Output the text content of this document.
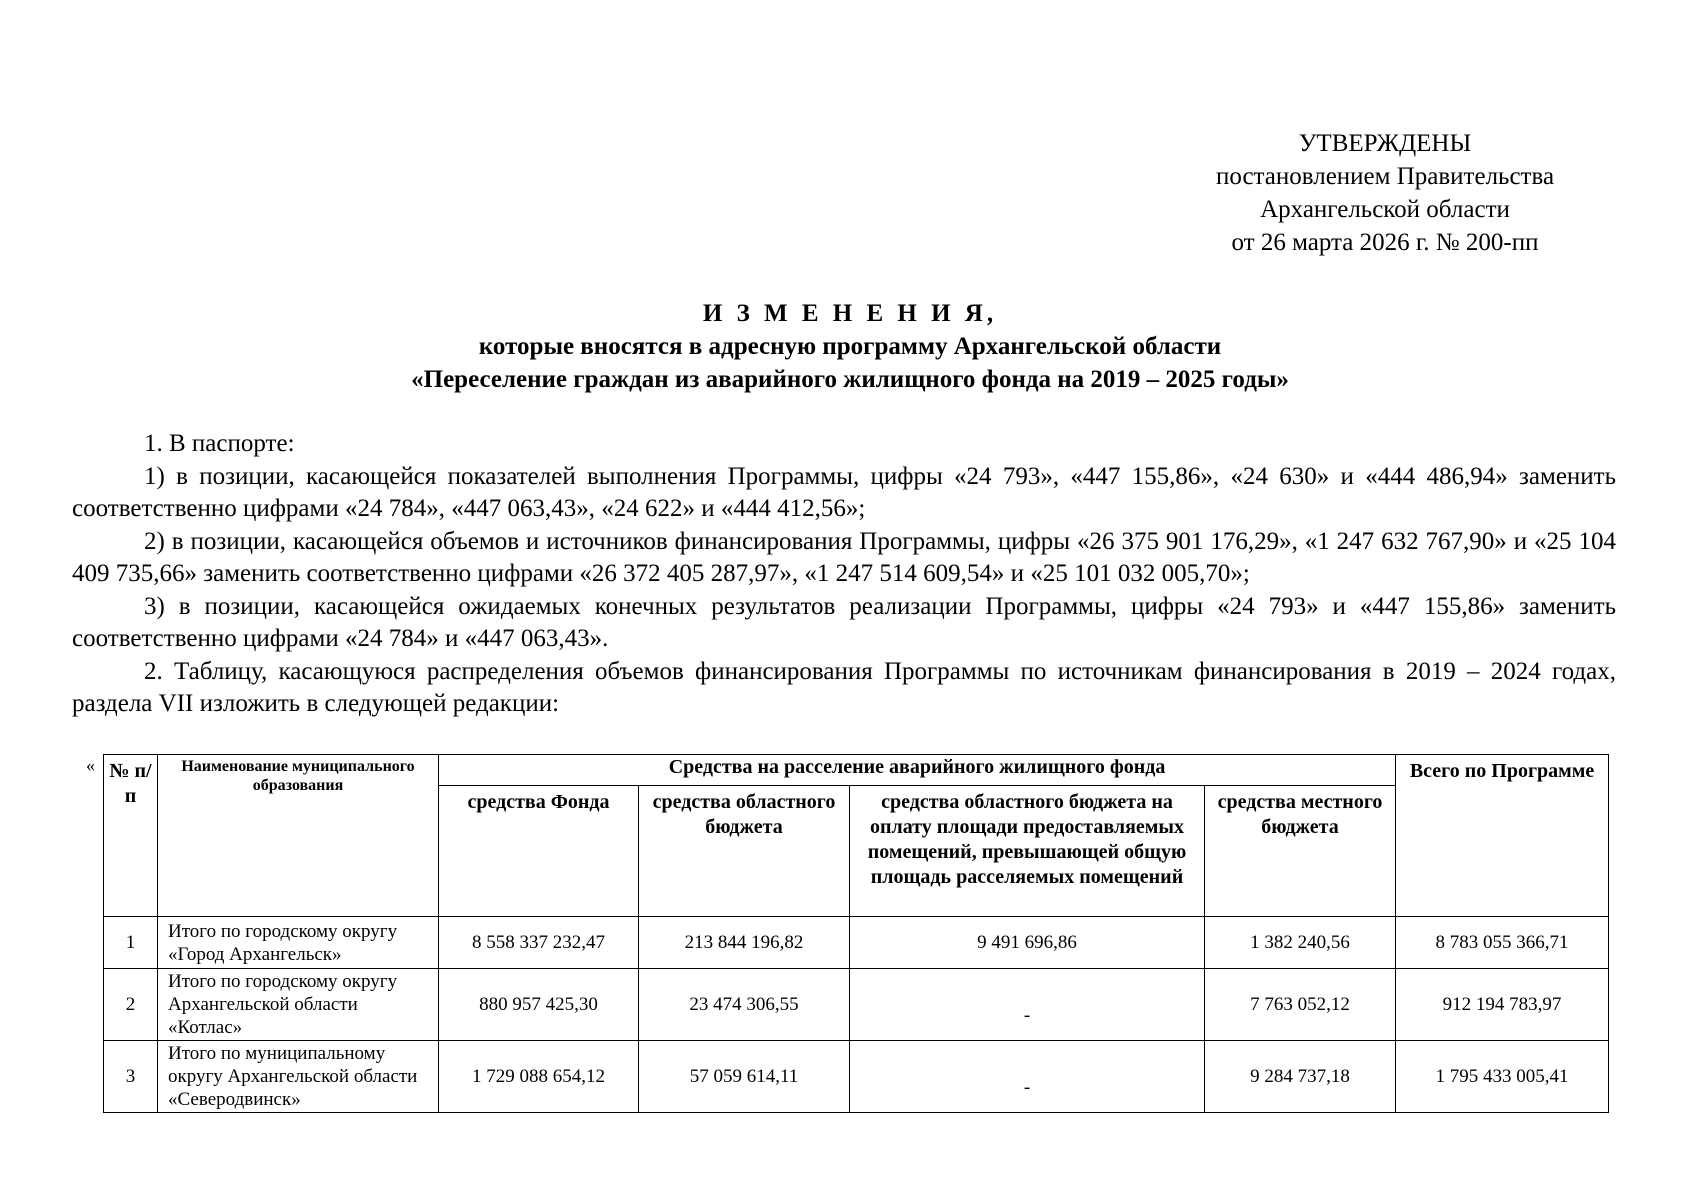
УТВЕРЖДЕНЫ
постановлением Правительства
Архангельской области
от 26 марта 2026 г. № 200-пп
И З М Е Н Е Н И Я,
которые вносятся в адресную программу Архангельской области
«Переселение граждан из аварийного жилищного фонда на 2019 – 2025 годы»

1. В паспорте:

1) в позиции, касающейся показателей выполнения Программы, цифры «24 793», «447 155,86», «24 630» и «444 486,94» заменить соответственно цифрами «24 784», «447 063,43», «24 622» и «444 412,56»;

2) в позиции, касающейся объемов и источников финансирования Программы, цифры «26 375 901 176,29», «1 247 632 767,90» и «25 104 409 735,66» заменить соответственно цифрами «26 372 405 287,97», «1 247 514 609,54» и «25 101 032 005,70»;

3) в позиции, касающейся ожидаемых конечных результатов реализации Программы, цифры «24 793» и «447 155,86» заменить соответственно цифрами «24 784» и «447 063,43».

2. Таблицу, касающуюся распределения объемов финансирования Программы по источникам финансирования в 2019 – 2024 годах, раздела VII изложить в следующей редакции:

« № п/п	Наименование муниципального образования	Средства на расселение аварийного жилищного фонда				Всего по Программе
		средства Фонда	средства областного бюджета	средства областного бюджета на оплату площади предоставляемых помещений, превышающей общую площадь расселяемых помещений	средства местного бюджета	
1	Итого по городскому округу «Город Архангельск»	8 558 337 232,47	213 844 196,82	9 491 696,86	1 382 240,56	8 783 055 366,71
2	Итого по городскому округу Архангельской области «Котлас»	880 957 425,30	23 474 306,55	-	7 763 052,12	912 194 783,97
3	Итого по муниципальному округу Архангельской области «Северодвинск»	1 729 088 654,12	57 059 614,11	-	9 284 737,18	1 795 433 005,41
